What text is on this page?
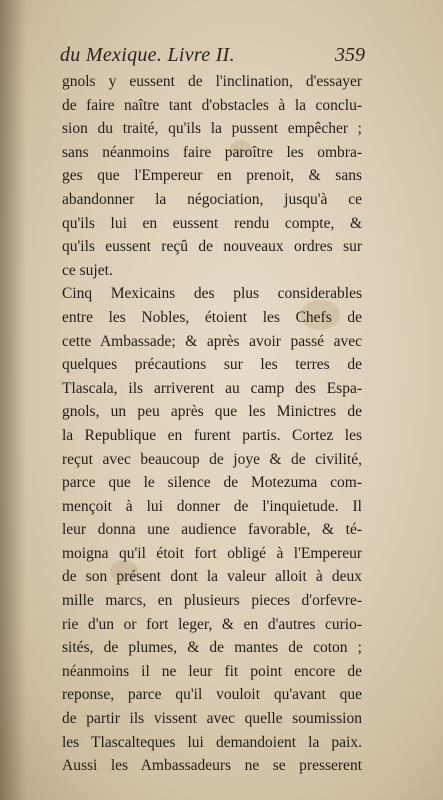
du Mexique. Livre II.	359
gnols y eussent de l'inclination, d'essayer
de faire naître tant d'obstacles à la conclu-
sion du traité, qu'ils la pussent empêcher ;
sans néanmoins faire paroître les ombra-
ges que l'Empereur en prenoit, & sans
abandonner la négociation, jusqu'à ce
qu'ils lui en eussent rendu compte, &
qu'ils eussent reçû de nouveaux ordres sur
ce sujet.
Cinq Mexicains des plus considerables
entre les Nobles, étoient les Chefs de
cette Ambassade; & après avoir passé avec
quelques précautions sur les terres de
Tlascala, ils arriverent au camp des Espa-
gnols, un peu après que les Minictres de
la Republique en furent partis. Cortez les
reçut avec beaucoup de joye & de civilité,
parce que le silence de Motezuma com-
mençoit à lui donner de l'inquietude. Il
leur donna une audience favorable, & té-
moigna qu'il étoit fort obligé à l'Empereur
de son présent dont la valeur alloit à deux
mille marcs, en plusieurs pieces d'orfevre-
rie d'un or fort leger, & en d'autres curio-
sités, de plumes, & de mantes de coton ;
néanmoins il ne leur fit point encore de
reponse, parce qu'il vouloit qu'avant que
de partir ils vissent avec quelle soumission
les Tlascalteques lui demandoient la paix.
Aussi les Ambassadeurs ne se presserent
